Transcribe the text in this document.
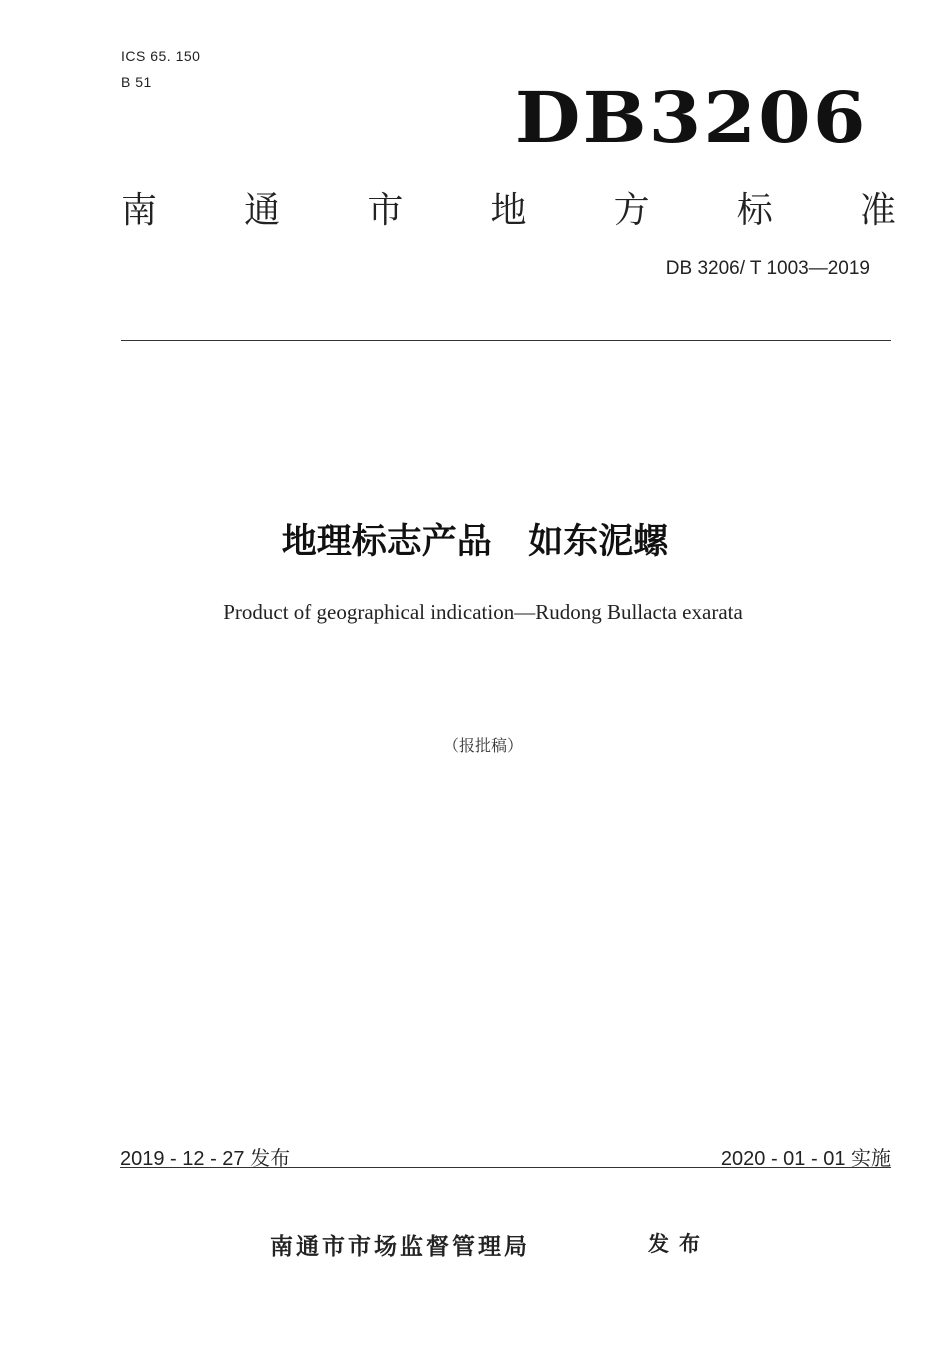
ICS 65. 150
B 51	DB3206
南 通 市 地 方 标 准
DB 3206/ T 1003—2019
地理标志产品   如东泥螺
Product of geographical indication—Rudong Bullacta exarata
（报批稿）
2019 - 12 - 27 发布	2020 - 01 - 01 实施
南通市市场监督管理局	发布
